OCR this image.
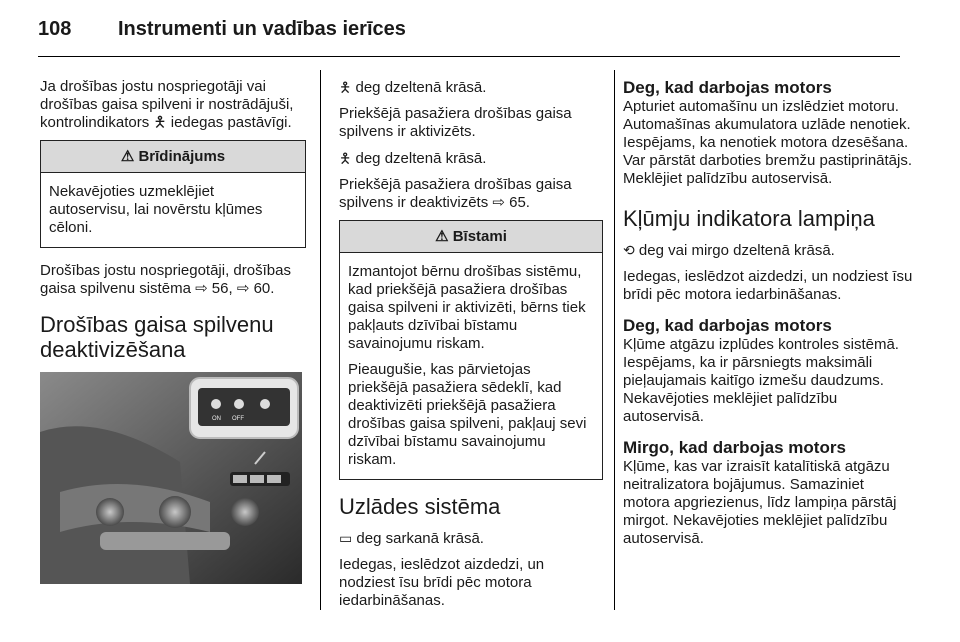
108 Instrumenti un vadības ierīces

Ja drošības jostu nospriegotāji vai drošības gaisa spilveni ir nostrādājuši, kontrolindikators 🯅 iedegas pastāvīgi.

⚠ Brīdinājums

Nekavējoties uzmeklējiet autoservisu, lai novērstu kļūmes cēloni.

Drošības jostu nospriegotāji, drošības gaisa spilvenu sistēma ⇨ 56, ⇨ 60.

Drošības gaisa spilvenu deaktivizēšana
ON OFF

🯅 deg dzeltenā krāsā.

Priekšējā pasažiera drošības gaisa spilvens ir aktivizēts.

🯅 deg dzeltenā krāsā.

Priekšējā pasažiera drošības gaisa spilvens ir deaktivizēts ⇨ 65.

⚠ Bīstami

Izmantojot bērnu drošības sistēmu, kad priekšējā pasažiera drošības gaisa spilveni ir aktivizēti, bērns tiek pakļauts dzīvībai bīstamu savainojumu riskam.

Pieaugušie, kas pārvietojas priekšējā pasažiera sēdeklī, kad deaktivizēti priekšējā pasažiera drošības gaisa spilveni, pakļauj sevi dzīvībai bīstamu savainojumu riskam.

Uzlādes sistēma

▭ deg sarkanā krāsā.

Iedegas, ieslēdzot aizdedzi, un nodziest īsu brīdi pēc motora iedarbināšanas.

Deg, kad darbojas motors

Apturiet automašīnu un izslēdziet motoru. Automašīnas akumulatora uzlāde nenotiek. Iespējams, ka nenotiek motora dzesēšana. Var pārstāt darboties bremžu pastiprinātājs. Meklējiet palīdzību autoservisā.

Kļūmju indikatora lampiņa

⟲ deg vai mirgo dzeltenā krāsā.

Iedegas, ieslēdzot aizdedzi, un nodziest īsu brīdi pēc motora iedarbināšanas.

Deg, kad darbojas motors

Kļūme atgāzu izplūdes kontroles sistēmā. Iespējams, ka ir pārsniegts maksimāli pieļaujamais kaitīgo izmešu daudzums. Nekavējoties meklējiet palīdzību autoservisā.

Mirgo, kad darbojas motors

Kļūme, kas var izraisīt katalītiskā atgāzu neitralizatora bojājumus. Samaziniet motora apgriezienus, līdz lampiņa pārstāj mirgot. Nekavējoties meklējiet palīdzību autoservisā.
